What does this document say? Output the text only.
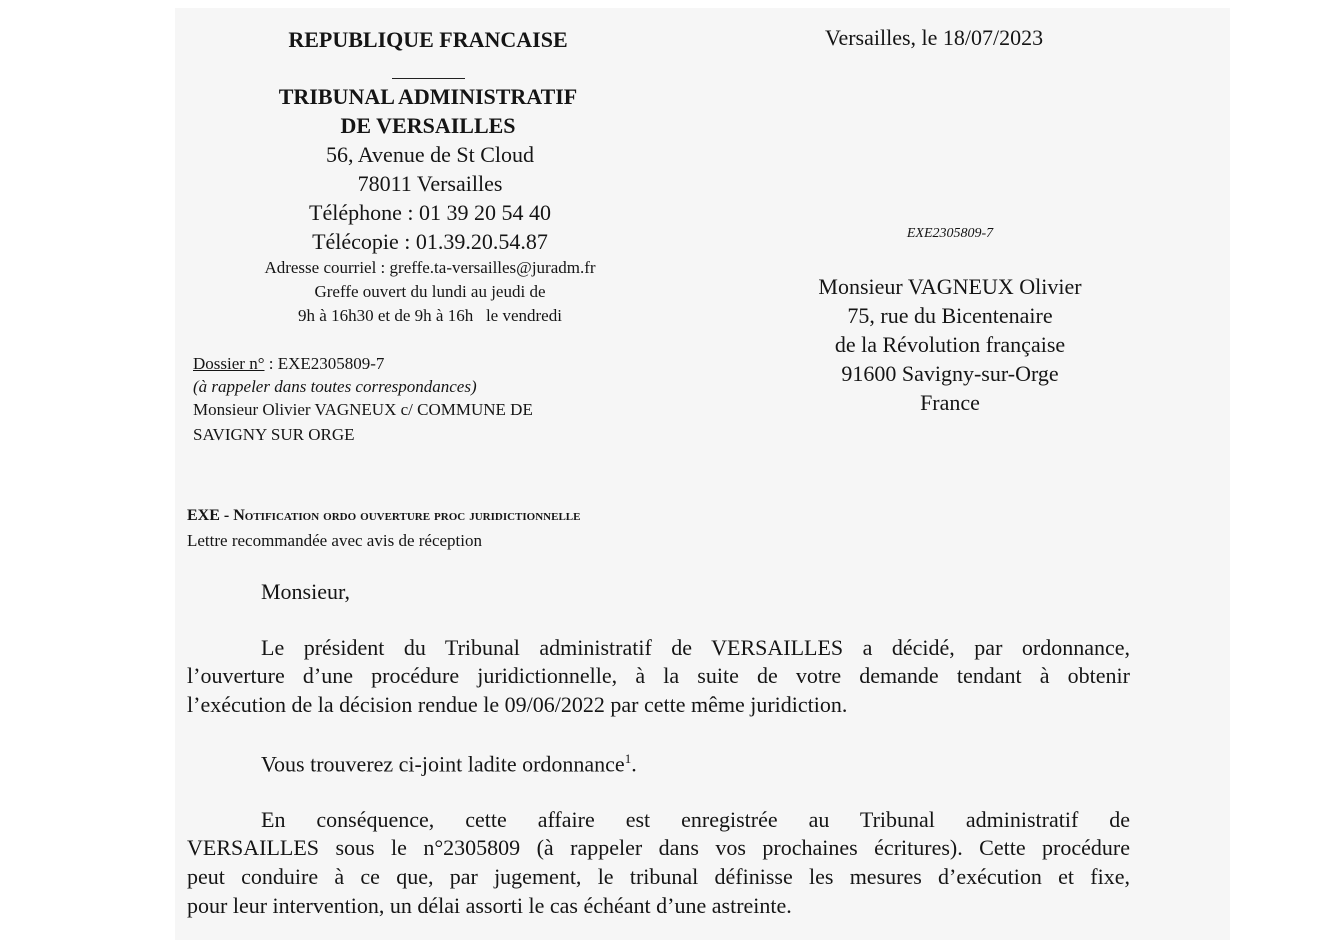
REPUBLIQUE FRANCAISE
TRIBUNAL ADMINISTRATIF
DE VERSAILLES
56, Avenue de St Cloud
78011 Versailles
Téléphone : 01 39 20 54 40
Télécopie : 01.39.20.54.87
Adresse courriel : greffe.ta-versailles@juradm.fr
Greffe ouvert du lundi au jeudi de
9h à 16h30 et de 9h à 16h   le vendredi
Versailles, le 18/07/2023
EXE2305809-7
Monsieur VAGNEUX Olivier
75, rue du Bicentenaire
de la Révolution française
91600 Savigny-sur-Orge
France
Dossier n° : EXE2305809-7
(à rappeler dans toutes correspondances)
Monsieur Olivier VAGNEUX c/ COMMUNE DE
SAVIGNY SUR ORGE
EXE - Notification ordo ouverture proc juridictionnelle
Lettre recommandée avec avis de réception
Monsieur,
Le président du Tribunal administratif de VERSAILLES a décidé, par ordonnance,
l’ouverture d’une procédure juridictionnelle, à la suite de votre demande tendant à obtenir
l’exécution de la décision rendue le 09/06/2022 par cette même juridiction.
Vous trouverez ci-joint ladite ordonnance$^1$.
En conséquence, cette affaire est enregistrée au Tribunal administratif de
VERSAILLES sous le n°2305809 (à rappeler dans vos prochaines écritures). Cette procédure
peut conduire à ce que, par jugement, le tribunal définisse les mesures d’exécution et fixe,
pour leur intervention, un délai assorti le cas échéant d’une astreinte.
